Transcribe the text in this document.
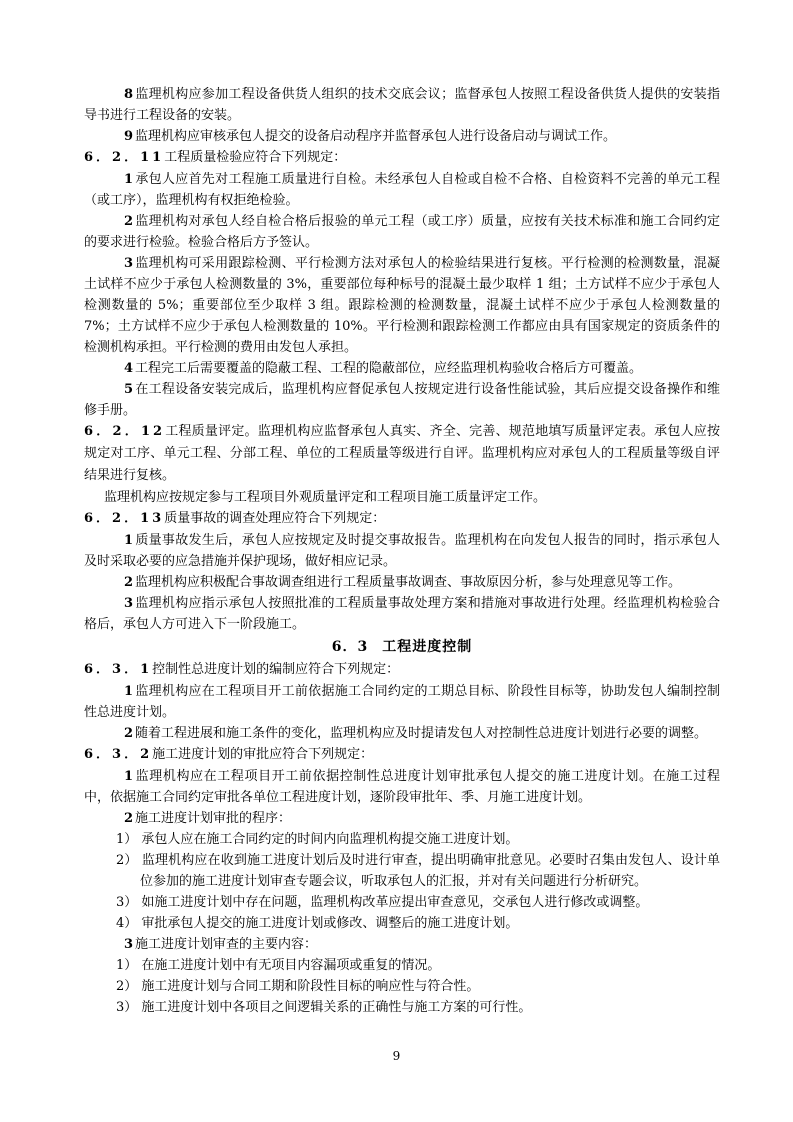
8 监理机构应参加工程设备供货人组织的技术交底会议；监督承包人按照工程设备供货人提供的安装指导书进行工程设备的安装。

9 监理机构应审核承包人提交的设备启动程序并监督承包人进行设备启动与调试工作。

6．2．11工程质量检验应符合下列规定：

1 承包人应首先对工程施工质量进行自检。未经承包人自检或自检不合格、自检资料不完善的单元工程（或工序），监理机构有权拒绝检验。

2 监理机构对承包人经自检合格后报验的单元工程（或工序）质量，应按有关技术标准和施工合同约定的要求进行检验。检验合格后方予签认。

3 监理机构可采用跟踪检测、平行检测方法对承包人的检验结果进行复核。平行检测的检测数量，混凝土试样不应少于承包人检测数量的 3%，重要部位每种标号的混凝土最少取样 1 组；土方试样不应少于承包人检测数量的 5%；重要部位至少取样 3 组。跟踪检测的检测数量，混凝土试样不应少于承包人检测数量的 7%；土方试样不应少于承包人检测数量的 10%。平行检测和跟踪检测工作都应由具有国家规定的资质条件的检测机构承担。平行检测的费用由发包人承担。

4 工程完工后需要覆盖的隐蔽工程、工程的隐蔽部位，应经监理机构验收合格后方可覆盖。

5 在工程设备安装完成后，监理机构应督促承包人按规定进行设备性能试验，其后应提交设备操作和维修手册。

6．2．12工程质量评定。监理机构应监督承包人真实、齐全、完善、规范地填写质量评定表。承包人应按规定对工序、单元工程、分部工程、单位的工程质量等级进行自评。监理机构应对承包人的工程质量等级自评结果进行复核。

监理机构应按规定参与工程项目外观质量评定和工程项目施工质量评定工作。

6．2．13质量事故的调查处理应符合下列规定：

1 质量事故发生后，承包人应按规定及时提交事故报告。监理机构在向发包人报告的同时，指示承包人及时采取必要的应急措施并保护现场，做好相应记录。

2 监理机构应积极配合事故调查组进行工程质量事故调查、事故原因分析，参与处理意见等工作。

3 监理机构应指示承包人按照批准的工程质量事故处理方案和措施对事故进行处理。经监理机构检验合格后，承包人方可进入下一阶段施工。

6．3 工程进度控制

6．3．1控制性总进度计划的编制应符合下列规定：

1 监理机构应在工程项目开工前依据施工合同约定的工期总目标、阶段性目标等，协助发包人编制控制性总进度计划。

2 随着工程进展和施工条件的变化，监理机构应及时提请发包人对控制性总进度计划进行必要的调整。

6．3．2施工进度计划的审批应符合下列规定：

1 监理机构应在工程项目开工前依据控制性总进度计划审批承包人提交的施工进度计划。在施工过程中，依据施工合同约定审批各单位工程进度计划，逐阶段审批年、季、月施工进度计划。

2 施工进度计划审批的程序：

1） 承包人应在施工合同约定的时间内向监理机构提交施工进度计划。

2） 监理机构应在收到施工进度计划后及时进行审查，提出明确审批意见。必要时召集由发包人、设计单位参加的施工进度计划审查专题会议，听取承包人的汇报，并对有关问题进行分析研究。

3） 如施工进度计划中存在问题，监理机构改革应提出审查意见，交承包人进行修改或调整。

4） 审批承包人提交的施工进度计划或修改、调整后的施工进度计划。

3 施工进度计划审查的主要内容：

1） 在施工进度计划中有无项目内容漏项或重复的情况。

2） 施工进度计划与合同工期和阶段性目标的响应性与符合性。

3） 施工进度计划中各项目之间逻辑关系的正确性与施工方案的可行性。

9
